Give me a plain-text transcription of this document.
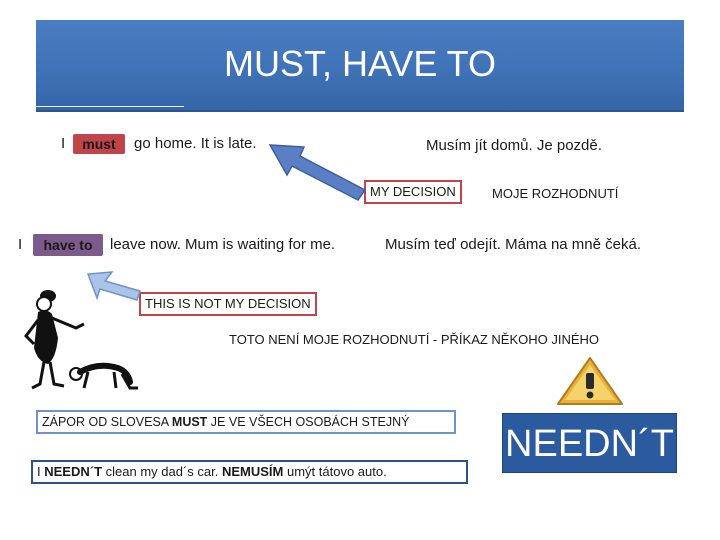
MUST, HAVE TO
I	must	go home. It is late.	Musím jít domů. Je pozdě.
MY DECISION	MOJE ROZHODNUTÍ
I	have to	leave now. Mum is waiting for me.	Musím teď odejít. Máma na mně čeká.
THIS IS NOT MY DECISION
TOTO NENÍ MOJE ROZHODNUTÍ - PŘÍKAZ NĚKOHO JINÉHO
ZÁPOR OD SLOVESA MUST JE VE VŠECH OSOBÁCH STEJNÝ
I NEEDN´T clean my dad´s car. NEMUSÍM umýt tátovo auto.
NEEDN´T
